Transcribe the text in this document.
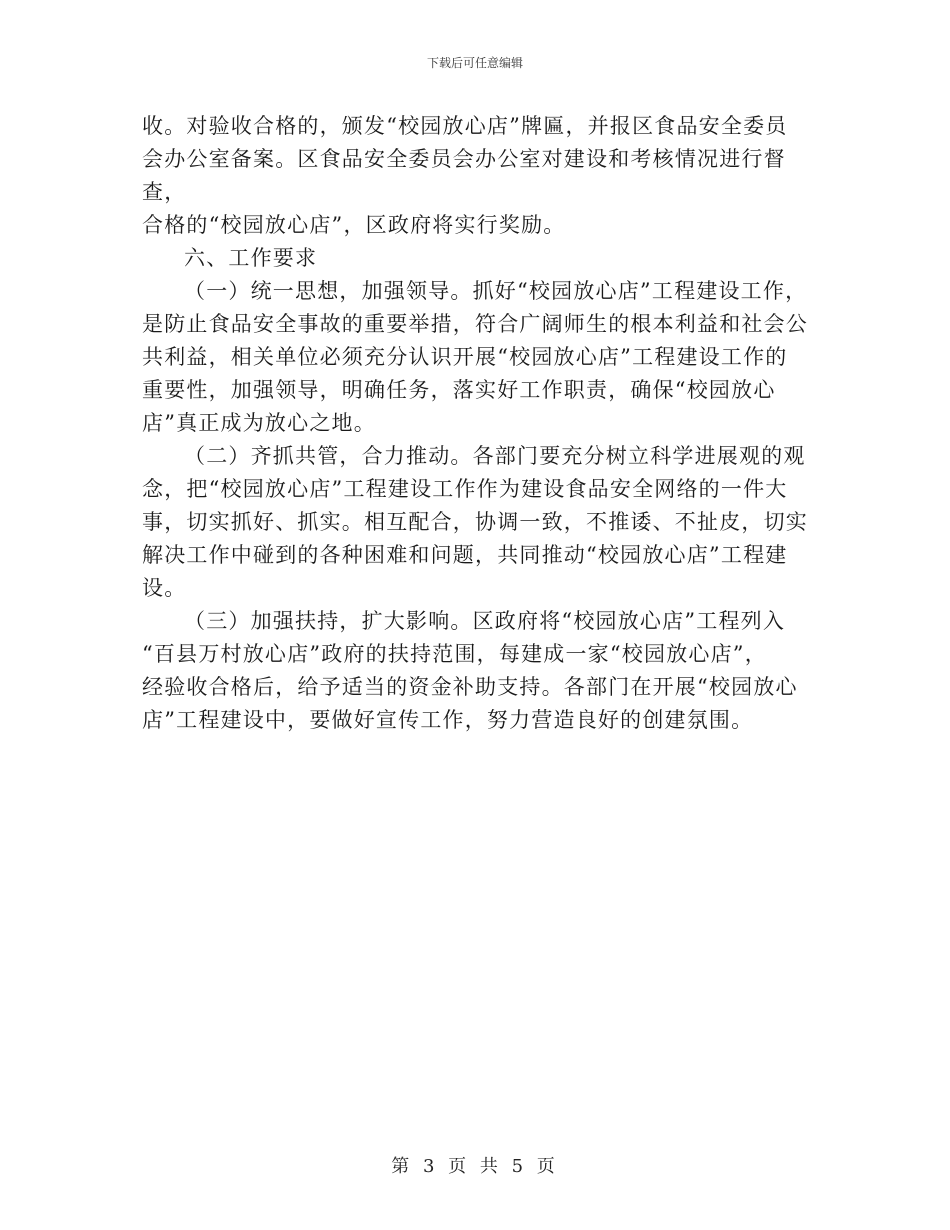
下载后可任意编辑

收。对验收合格的，颁发“校园放心店”牌匾，并报区食品安全委员
会办公室备案。区食品安全委员会办公室对建设和考核情况进行督查，
合格的“校园放心店”，区政府将实行奖励。

六、工作要求

（一）统一思想，加强领导。抓好“校园放心店”工程建设工作，
是防止食品安全事故的重要举措，符合广阔师生的根本利益和社会公
共利益，相关单位必须充分认识开展“校园放心店”工程建设工作的
重要性，加强领导，明确任务，落实好工作职责，确保“校园放心
店”真正成为放心之地。

（二）齐抓共管，合力推动。各部门要充分树立科学进展观的观
念，把“校园放心店”工程建设工作作为建设食品安全网络的一件大
事，切实抓好、抓实。相互配合，协调一致，不推诿、不扯皮，切实
解决工作中碰到的各种困难和问题，共同推动“校园放心店”工程建
设。

（三）加强扶持，扩大影响。区政府将“校园放心店”工程列入
“百县万村放心店”政府的扶持范围，每建成一家“校园放心店”，
经验收合格后，给予适当的资金补助支持。各部门在开展“校园放心
店”工程建设中，要做好宣传工作，努力营造良好的创建氛围。

第 3 页 共 5 页
